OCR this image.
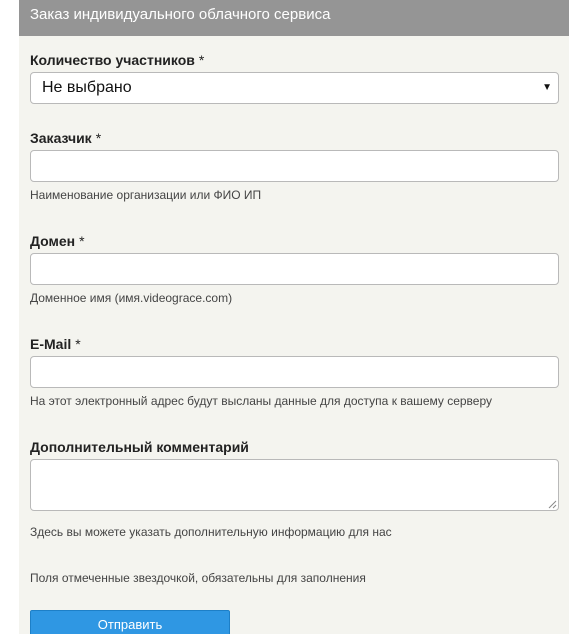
Заказ индивидуального облачного сервиса
Количество участников *
Не выбрано	▼
Заказчик *
Наименование организации или ФИО ИП
Домен *
Доменное имя (имя.videograce.com)
E-Mail *
На этот электронный адрес будут высланы данные для доступа к вашему серверу
Дополнительный комментарий
Здесь вы можете указать дополнительную информацию для нас
Поля отмеченные звездочкой, обязательны для заполнения
Отправить
